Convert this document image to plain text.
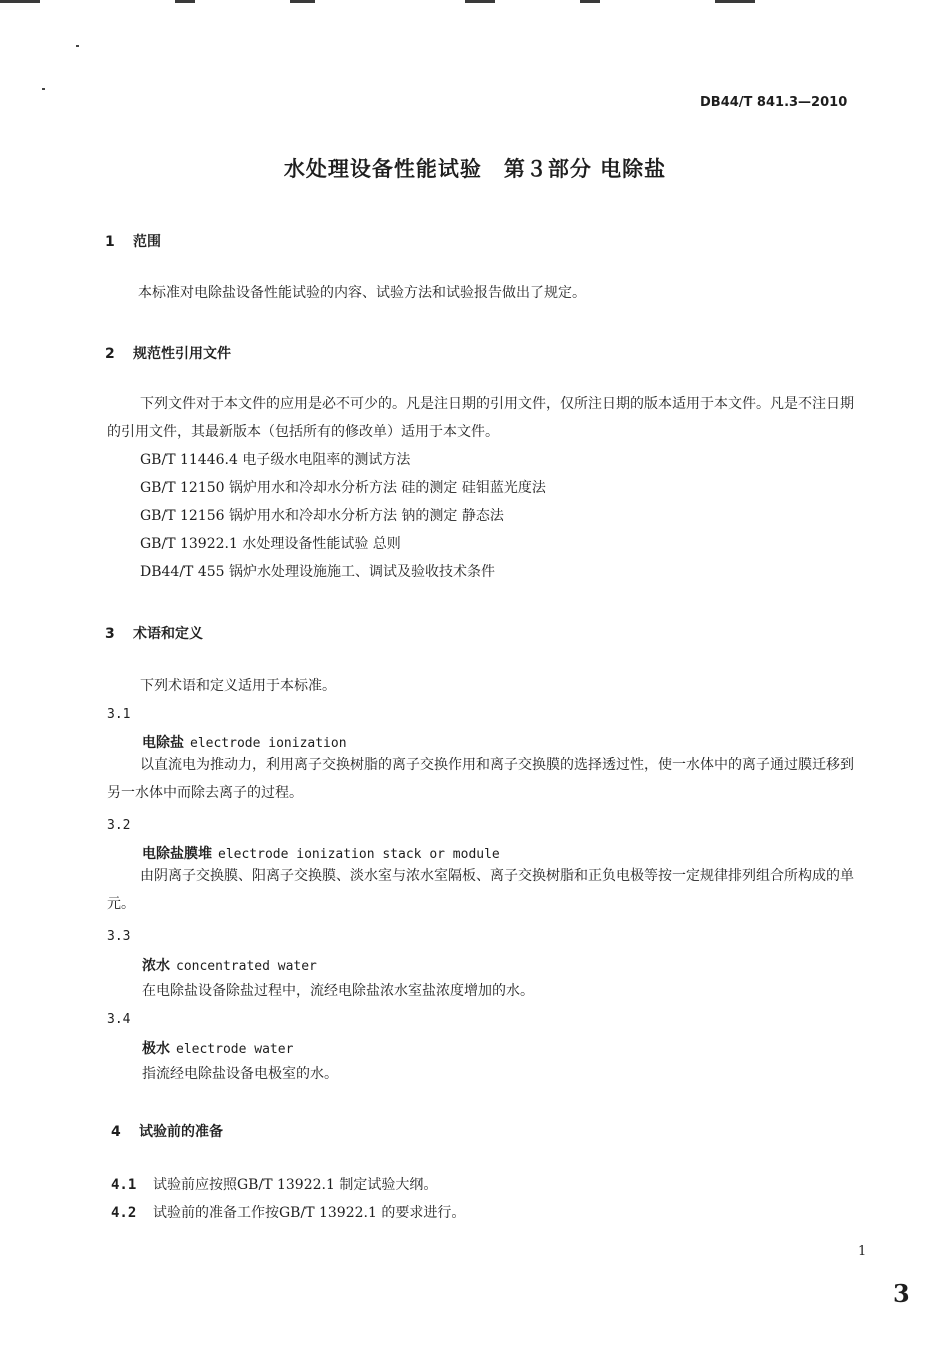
DB44/T 841.3—2010
水处理设备性能试验　第３部分 电除盐
1 范围
本标准对电除盐设备性能试验的内容、试验方法和试验报告做出了规定。
2 规范性引用文件
下列文件对于本文件的应用是必不可少的。凡是注日期的引用文件，仅所注日期的版本适用于本文件。凡是不注日期的引用文件，其最新版本（包括所有的修改单）适用于本文件。
GB/T 11446.4 电子级水电阻率的测试方法
GB/T 12150 锅炉用水和冷却水分析方法 硅的测定 硅钼蓝光度法
GB/T 12156 锅炉用水和冷却水分析方法 钠的测定 静态法
GB/T 13922.1 水处理设备性能试验 总则
DB44/T 455 锅炉水处理设施施工、调试及验收技术条件
3 术语和定义
下列术语和定义适用于本标准。
3.1
电除盐 electrode ionization
以直流电为推动力，利用离子交换树脂的离子交换作用和离子交换膜的选择透过性，使一水体中的离子通过膜迁移到另一水体中而除去离子的过程。
3.2
电除盐膜堆 electrode ionization stack or module
由阴离子交换膜、阳离子交换膜、淡水室与浓水室隔板、离子交换树脂和正负电极等按一定规律排列组合所构成的单元。
3.3
浓水 concentrated water
在电除盐设备除盐过程中，流经电除盐浓水室盐浓度增加的水。
3.4
极水 electrode water
指流经电除盐设备电极室的水。
4 试验前的准备
4.1 试验前应按照GB/T 13922.1 制定试验大纲。
4.2 试验前的准备工作按GB/T 13922.1 的要求进行。
1
3
